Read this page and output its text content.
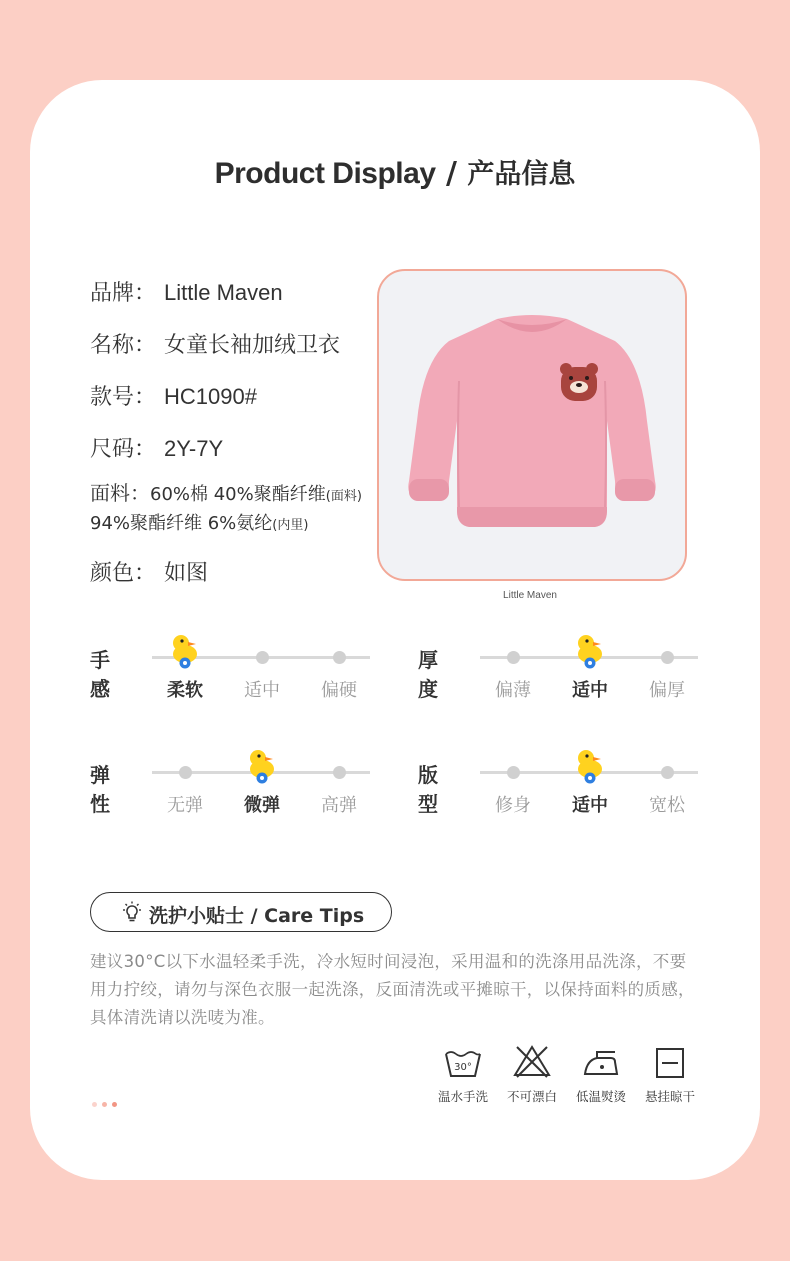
Product Display / 产品信息
品牌： Little Maven
名称： 女童长袖加绒卫衣
款号： HC1090#
尺码： 2Y-7Y
面料：60%棉 40%聚酯纤维(面料)
94%聚酯纤维 6%氨纶(内里)
颜色： 如图
Little Maven
手感	柔软	适中	偏硬
厚度	偏薄	适中	偏厚
弹性	无弹	微弹	高弹
版型	修身	适中	宽松
洗护小贴士 / Care Tips
建议30°C以下水温轻柔手洗，冷水短时间浸泡，采用温和的洗涤用品洗涤，不要用力拧绞，请勿与深色衣服一起洗涤，反面清洗或平摊晾干，以保持面料的质感，具体清洗请以洗唛为准。
30°
温水手洗	不可漂白	低温熨烫	悬挂晾干
